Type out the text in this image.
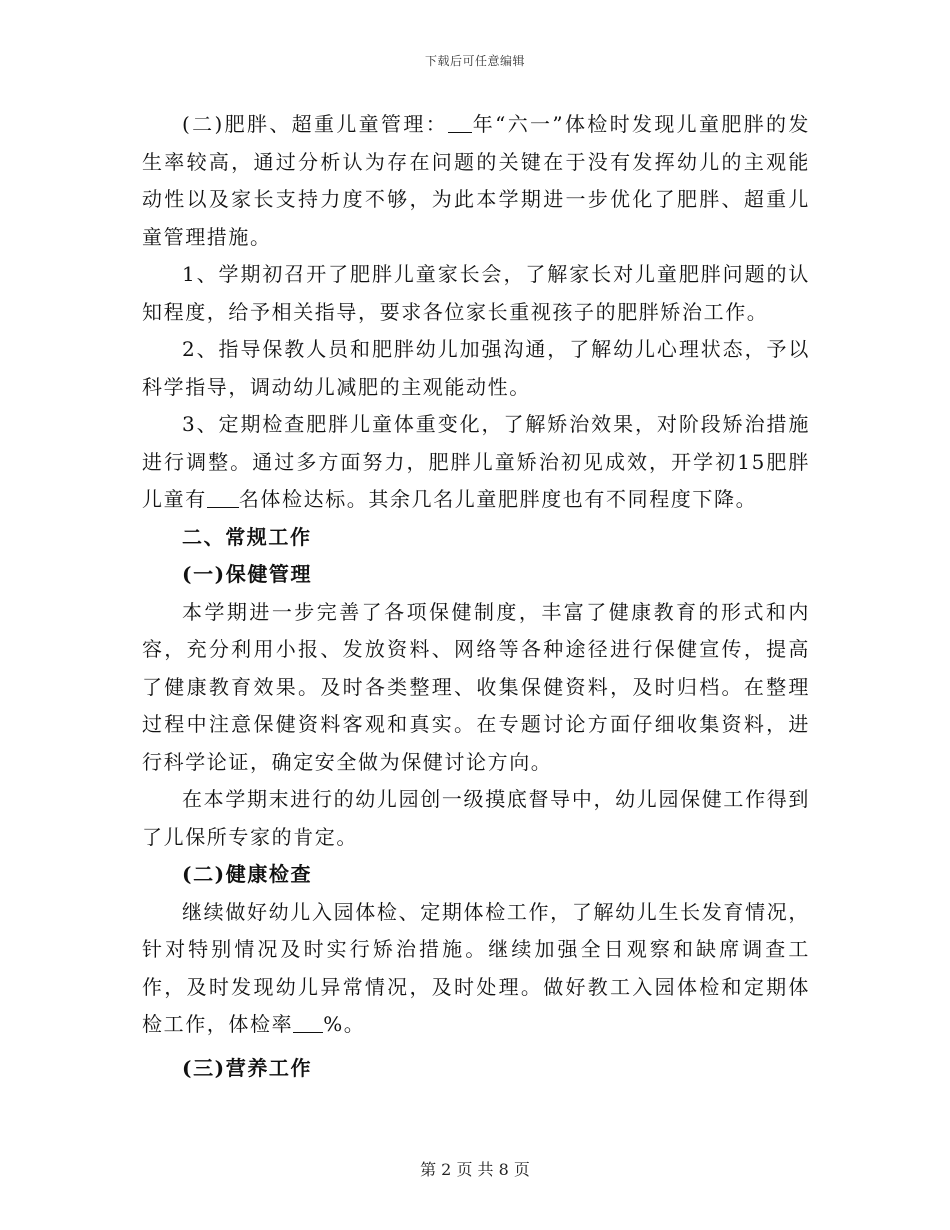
下载后可任意编辑

(二)肥胖、超重儿童管理： 年“六一”体检时发现儿童肥胖的发生率较高，通过分析认为存在问题的关键在于没有发挥幼儿的主观能动性以及家长支持力度不够，为此本学期进一步优化了肥胖、超重儿童管理措施。

1、学期初召开了肥胖儿童家长会，了解家长对儿童肥胖问题的认知程度，给予相关指导，要求各位家长重视孩子的肥胖矫治工作。

2、指导保教人员和肥胖幼儿加强沟通，了解幼儿心理状态，予以科学指导，调动幼儿减肥的主观能动性。

3、定期检查肥胖儿童体重变化，了解矫治效果，对阶段矫治措施进行调整。通过多方面努力，肥胖儿童矫治初见成效，开学初15肥胖儿童有 名体检达标。其余几名儿童肥胖度也有不同程度下降。

二、常规工作

(一)保健管理

本学期进一步完善了各项保健制度，丰富了健康教育的形式和内容，充分利用小报、发放资料、网络等各种途径进行保健宣传，提高了健康教育效果。及时各类整理、收集保健资料，及时归档。在整理过程中注意保健资料客观和真实。在专题讨论方面仔细收集资料，进行科学论证，确定安全做为保健讨论方向。

在本学期末进行的幼儿园创一级摸底督导中，幼儿园保健工作得到了儿保所专家的肯定。

(二)健康检查

继续做好幼儿入园体检、定期体检工作，了解幼儿生长发育情况，针对特别情况及时实行矫治措施。继续加强全日观察和缺席调查工作，及时发现幼儿异常情况，及时处理。做好教工入园体检和定期体检工作，体检率 %。

(三)营养工作

第 2 页 共 8 页
